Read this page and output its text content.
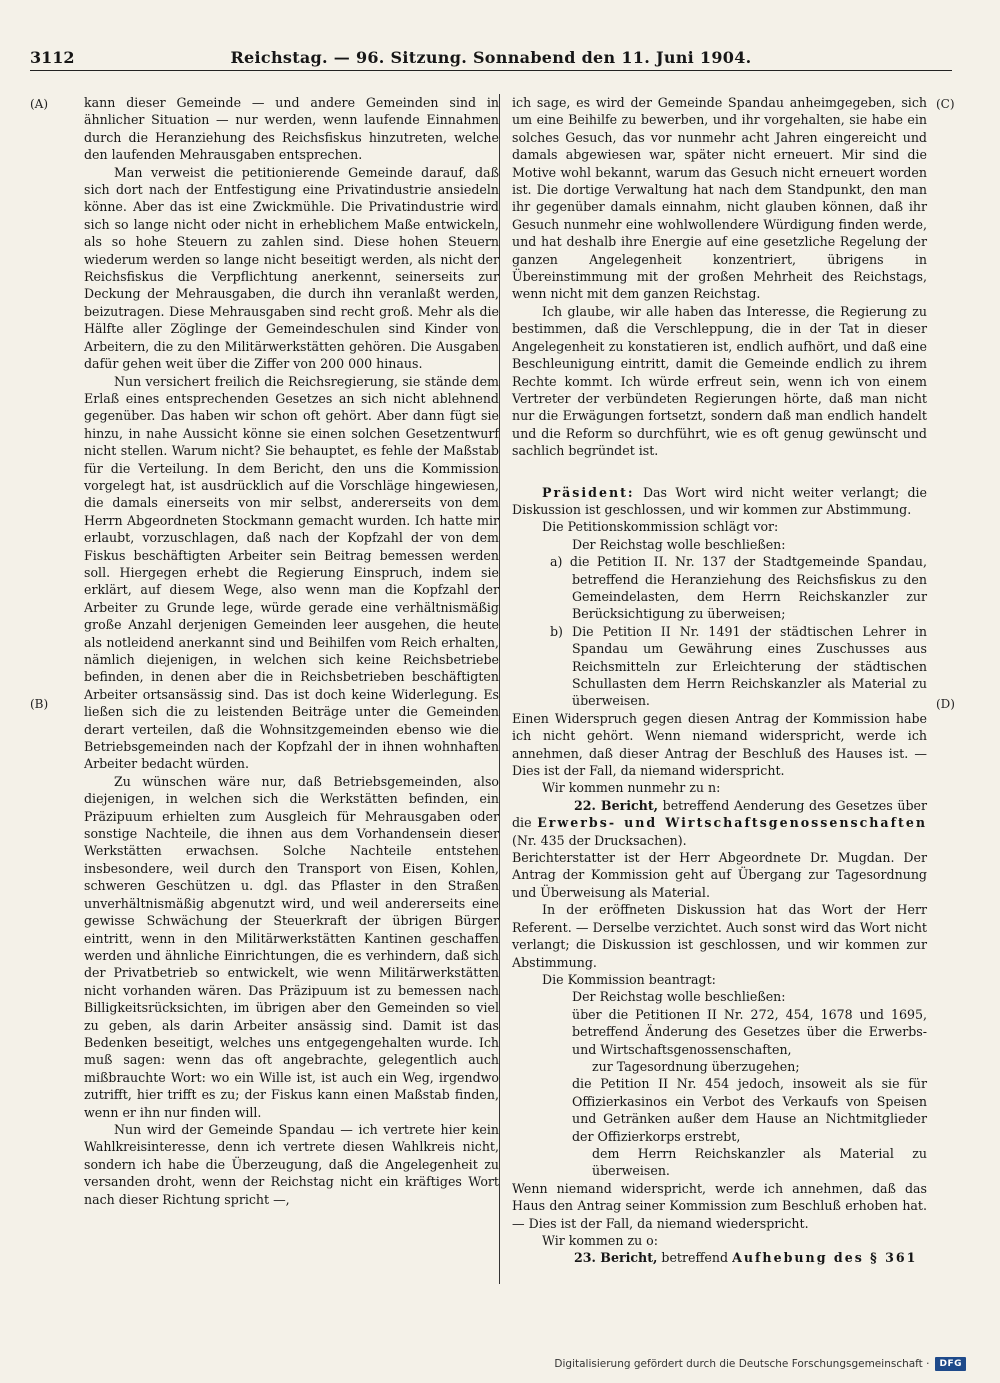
3112	Reichstag. — 96. Sitzung. Sonnabend den 11. Juni 1904.
(A)
(B)
(C)
(D)

kann dieser Gemeinde — und andere Gemeinden sind in ähnlicher Situation — nur werden, wenn laufende Einnahmen durch die Heranziehung des Reichsfiskus hinzutreten, welche den laufenden Mehrausgaben entsprechen.

Man verweist die petitionierende Gemeinde darauf, daß sich dort nach der Entfestigung eine Privatindustrie ansiedeln könne. Aber das ist eine Zwickmühle. Die Privatindustrie wird sich so lange nicht oder nicht in erheblichem Maße entwickeln, als so hohe Steuern zu zahlen sind. Diese hohen Steuern wiederum werden so lange nicht beseitigt werden, als nicht der Reichsfiskus die Verpflichtung anerkennt, seinerseits zur Deckung der Mehrausgaben, die durch ihn veranlaßt werden, beizutragen. Diese Mehrausgaben sind recht groß. Mehr als die Hälfte aller Zöglinge der Gemeindeschulen sind Kinder von Arbeitern, die zu den Militärwerkstätten gehören. Die Ausgaben dafür gehen weit über die Ziffer von 200 000 hinaus.

Nun versichert freilich die Reichsregierung, sie stände dem Erlaß eines entsprechenden Gesetzes an sich nicht ablehnend gegenüber. Das haben wir schon oft gehört. Aber dann fügt sie hinzu, in nahe Aussicht könne sie einen solchen Gesetzentwurf nicht stellen. Warum nicht? Sie behauptet, es fehle der Maßstab für die Verteilung. In dem Bericht, den uns die Kommission vorgelegt hat, ist ausdrücklich auf die Vorschläge hingewiesen, die damals einerseits von mir selbst, andererseits von dem Herrn Abgeordneten Stockmann gemacht wurden. Ich hatte mir erlaubt, vorzuschlagen, daß nach der Kopfzahl der von dem Fiskus beschäftigten Arbeiter sein Beitrag bemessen werden soll. Hiergegen erhebt die Regierung Einspruch, indem sie erklärt, auf diesem Wege, also wenn man die Kopfzahl der Arbeiter zu Grunde lege, würde gerade eine verhältnismäßig große Anzahl derjenigen Gemeinden leer ausgehen, die heute als notleidend anerkannt sind und Beihilfen vom Reich erhalten, nämlich diejenigen, in welchen sich keine Reichsbetriebe befinden, in denen aber die in Reichsbetrieben beschäftigten Arbeiter ortsansässig sind. Das ist doch keine Widerlegung. Es ließen sich die zu leistenden Beiträge unter die Gemeinden derart verteilen, daß die Wohnsitzgemeinden ebenso wie die Betriebsgemeinden nach der Kopfzahl der in ihnen wohnhaften Arbeiter bedacht würden.

Zu wünschen wäre nur, daß Betriebsgemeinden, also diejenigen, in welchen sich die Werkstätten befinden, ein Präzipuum erhielten zum Ausgleich für Mehrausgaben oder sonstige Nachteile, die ihnen aus dem Vorhandensein dieser Werkstätten erwachsen. Solche Nachteile entstehen insbesondere, weil durch den Transport von Eisen, Kohlen, schweren Geschützen u. dgl. das Pflaster in den Straßen unverhältnismäßig abgenutzt wird, und weil andererseits eine gewisse Schwächung der Steuerkraft der übrigen Bürger eintritt, wenn in den Militärwerkstätten Kantinen geschaffen werden und ähnliche Einrichtungen, die es verhindern, daß sich der Privatbetrieb so entwickelt, wie wenn Militärwerkstätten nicht vorhanden wären. Das Präzipuum ist zu bemessen nach Billigkeitsrücksichten, im übrigen aber den Gemeinden so viel zu geben, als darin Arbeiter ansässig sind. Damit ist das Bedenken beseitigt, welches uns entgegengehalten wurde. Ich muß sagen: wenn das oft angebrachte, gelegentlich auch mißbrauchte Wort: wo ein Wille ist, ist auch ein Weg, irgendwo zutrifft, hier trifft es zu; der Fiskus kann einen Maßstab finden, wenn er ihn nur finden will.

Nun wird der Gemeinde Spandau — ich vertrete hier kein Wahlkreisinteresse, denn ich vertrete diesen Wahlkreis nicht, sondern ich habe die Überzeugung, daß die Angelegenheit zu versanden droht, wenn der Reichstag nicht ein kräftiges Wort nach dieser Richtung spricht —,

ich sage, es wird der Gemeinde Spandau anheimgegeben, sich um eine Beihilfe zu bewerben, und ihr vorgehalten, sie habe ein solches Gesuch, das vor nunmehr acht Jahren eingereicht und damals abgewiesen war, später nicht erneuert. Mir sind die Motive wohl bekannt, warum das Gesuch nicht erneuert worden ist. Die dortige Verwaltung hat nach dem Standpunkt, den man ihr gegenüber damals einnahm, nicht glauben können, daß ihr Gesuch nunmehr eine wohlwollendere Würdigung finden werde, und hat deshalb ihre Energie auf eine gesetzliche Regelung der ganzen Angelegenheit konzentriert, übrigens in Übereinstimmung mit der großen Mehrheit des Reichstags, wenn nicht mit dem ganzen Reichstag.

Ich glaube, wir alle haben das Interesse, die Regierung zu bestimmen, daß die Verschleppung, die in der Tat in dieser Angelegenheit zu konstatieren ist, endlich aufhört, und daß eine Beschleunigung eintritt, damit die Gemeinde endlich zu ihrem Rechte kommt. Ich würde erfreut sein, wenn ich von einem Vertreter der verbündeten Regierungen hörte, daß man nicht nur die Erwägungen fortsetzt, sondern daß man endlich handelt und die Reform so durchführt, wie es oft genug gewünscht und sachlich begründet ist.

Präsident: Das Wort wird nicht weiter verlangt; die Diskussion ist geschlossen, und wir kommen zur Abstimmung.

Die Petitionskommission schlägt vor:

Der Reichstag wolle beschließen:

a) die Petition II. Nr. 137 der Stadtgemeinde Spandau, betreffend die Heranziehung des Reichsfiskus zu den Gemeindelasten, dem Herrn Reichskanzler zur Berücksichtigung zu überweisen;

b) Die Petition II Nr. 1491 der städtischen Lehrer in Spandau um Gewährung eines Zuschusses aus Reichsmitteln zur Erleichterung der städtischen Schullasten dem Herrn Reichskanzler als Material zu überweisen.

Einen Widerspruch gegen diesen Antrag der Kommission habe ich nicht gehört. Wenn niemand widerspricht, werde ich annehmen, daß dieser Antrag der Beschluß des Hauses ist. — Dies ist der Fall, da niemand widerspricht.

Wir kommen nunmehr zu n:

22. Bericht, betreffend Aenderung des Gesetzes über die Erwerbs- und Wirtschaftsgenossenschaften (Nr. 435 der Drucksachen).

Berichterstatter ist der Herr Abgeordnete Dr. Mugdan. Der Antrag der Kommission geht auf Übergang zur Tagesordnung und Überweisung als Material.

In der eröffneten Diskussion hat das Wort der Herr Referent. — Derselbe verzichtet. Auch sonst wird das Wort nicht verlangt; die Diskussion ist geschlossen, und wir kommen zur Abstimmung.

Die Kommission beantragt:

Der Reichstag wolle beschließen:

über die Petitionen II Nr. 272, 454, 1678 und 1695, betreffend Änderung des Gesetzes über die Erwerbs- und Wirtschaftsgenossenschaften,

zur Tagesordnung überzugehen;

die Petition II Nr. 454 jedoch, insoweit als sie für Offizierkasinos ein Verbot des Verkaufs von Speisen und Getränken außer dem Hause an Nichtmitglieder der Offizierkorps erstrebt,

dem Herrn Reichskanzler als Material zu überweisen.

Wenn niemand widerspricht, werde ich annehmen, daß das Haus den Antrag seiner Kommission zum Beschluß erhoben hat. — Dies ist der Fall, da niemand wiederspricht.

Wir kommen zu o:

23. Bericht, betreffend Aufhebung des § 361

Digitalisierung gefördert durch die Deutsche Forschungsgemeinschaft ·	DFG
